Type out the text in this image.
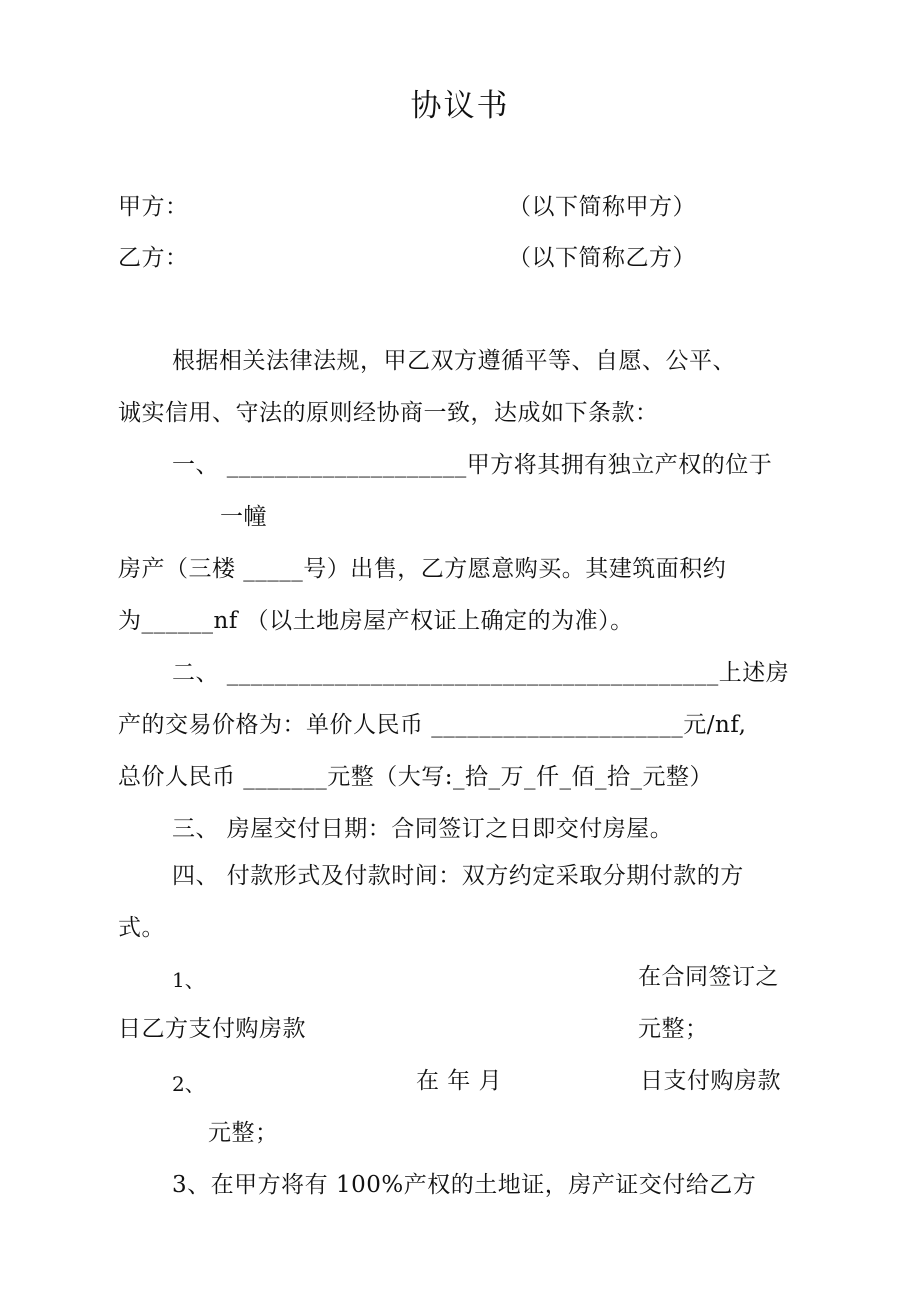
协议书
甲方：	（以下简称甲方）
乙方：	（以下简称乙方）
根据相关法律法规，甲乙双方遵循平等、自愿、公平、
诚实信用、守法的原则经协商一致，达成如下条款：
一、 ____________________甲方将其拥有独立产权的位于
一幢
房产（三楼 _____号）出售，乙方愿意购买。其建筑面积约
为______nf （以土地房屋产权证上确定的为准）。
二、 _________________________________________上述房
产的交易价格为：单价人民币 _____________________元/nf,
总价人民币 _______元整（大写:_拾_万_仟_佰_拾_元整）
三、 房屋交付日期：合同签订之日即交付房屋。
四、 付款形式及付款时间：双方约定采取分期付款的方
式。
1、	在合同签订之
日乙方支付购房款	元整；
2、	在 年 月	日支付购房款
元整；
3、在甲方将有 100%产权的土地证，房产证交付给乙方
